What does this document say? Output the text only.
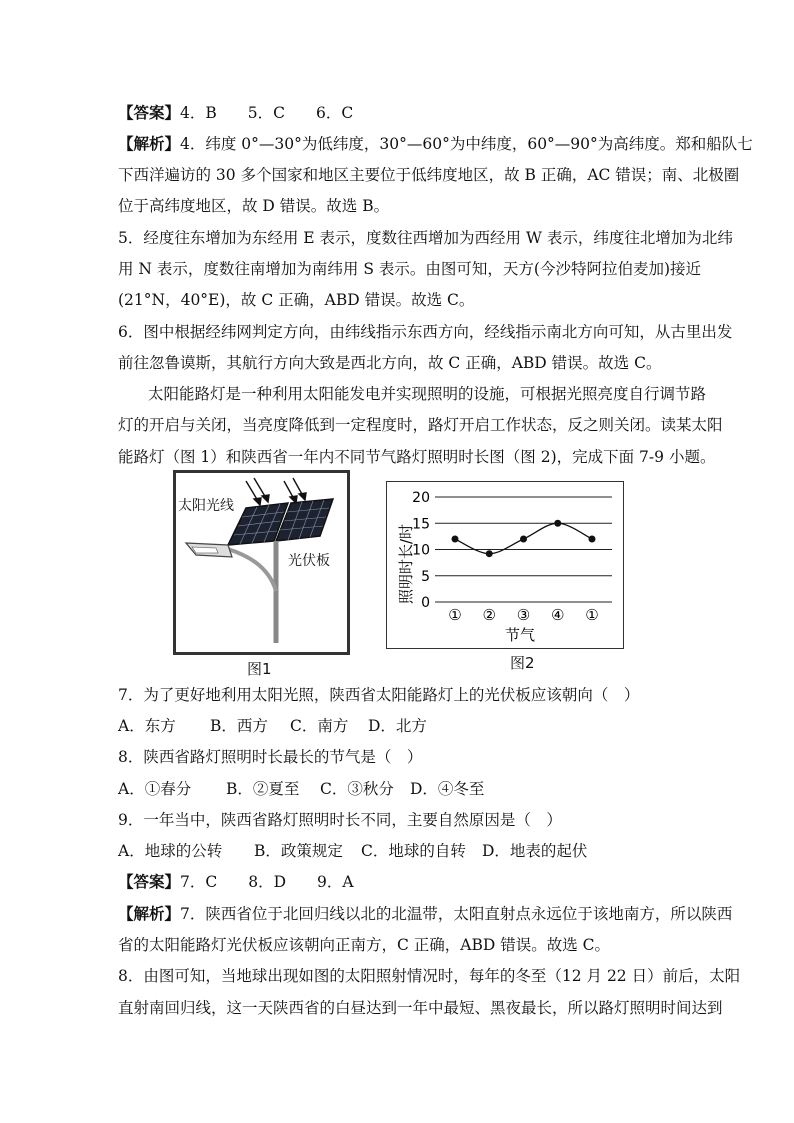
【答案】4．B　　5．C　　6．C
【解析】4．纬度 0°—30°为低纬度，30°—60°为中纬度，60°—90°为高纬度。郑和船队七
下西洋遍访的 30 多个国家和地区主要位于低纬度地区，故 B 正确，AC 错误；南、北极圈
位于高纬度地区，故 D 错误。故选 B。
5．经度往东增加为东经用 E 表示，度数往西增加为西经用 W 表示，纬度往北增加为北纬
用 N 表示，度数往南增加为南纬用 S 表示。由图可知，天方(今沙特阿拉伯麦加)接近
(21°N，40°E)，故 C 正确，ABD 错误。故选 C。
6．图中根据经纬网判定方向，由纬线指示东西方向，经线指示南北方向可知，从古里出发
前往忽鲁谟斯，其航行方向大致是西北方向，故 C 正确，ABD 错误。故选 C。
太阳能路灯是一种利用太阳能发电并实现照明的设施，可根据光照亮度自行调节路
灯的开启与关闭，当亮度降低到一定程度时，路灯开启工作状态，反之则关闭。读某太阳
能路灯（图 1）和陕西省一年内不同节气路灯照明时长图（图 2)，完成下面 7-9 小题。
太阳光线
光伏板
图1
0
5
10
15
20
① ② ③ ④ ①
照明时长/时
节气
图2
7．为了更好地利用太阳光照，陕西省太阳能路灯上的光伏板应该朝向（　）
A．东方 B．西方 C．南方 D．北方
8．陕西省路灯照明时长最长的节气是（　）
A．①春分 B．②夏至 C．③秋分 D．④冬至
9．一年当中，陕西省路灯照明时长不同，主要自然原因是（　）
A．地球的公转 B．政策规定 C．地球的自转 D．地表的起伏
【答案】7．C　　8．D　　9．A
【解析】7．陕西省位于北回归线以北的北温带，太阳直射点永远位于该地南方，所以陕西
省的太阳能路灯光伏板应该朝向正南方，C 正确，ABD 错误。故选 C。
8．由图可知，当地球出现如图的太阳照射情况时，每年的冬至（12 月 22 日）前后，太阳
直射南回归线，这一天陕西省的白昼达到一年中最短、黑夜最长，所以路灯照明时间达到
